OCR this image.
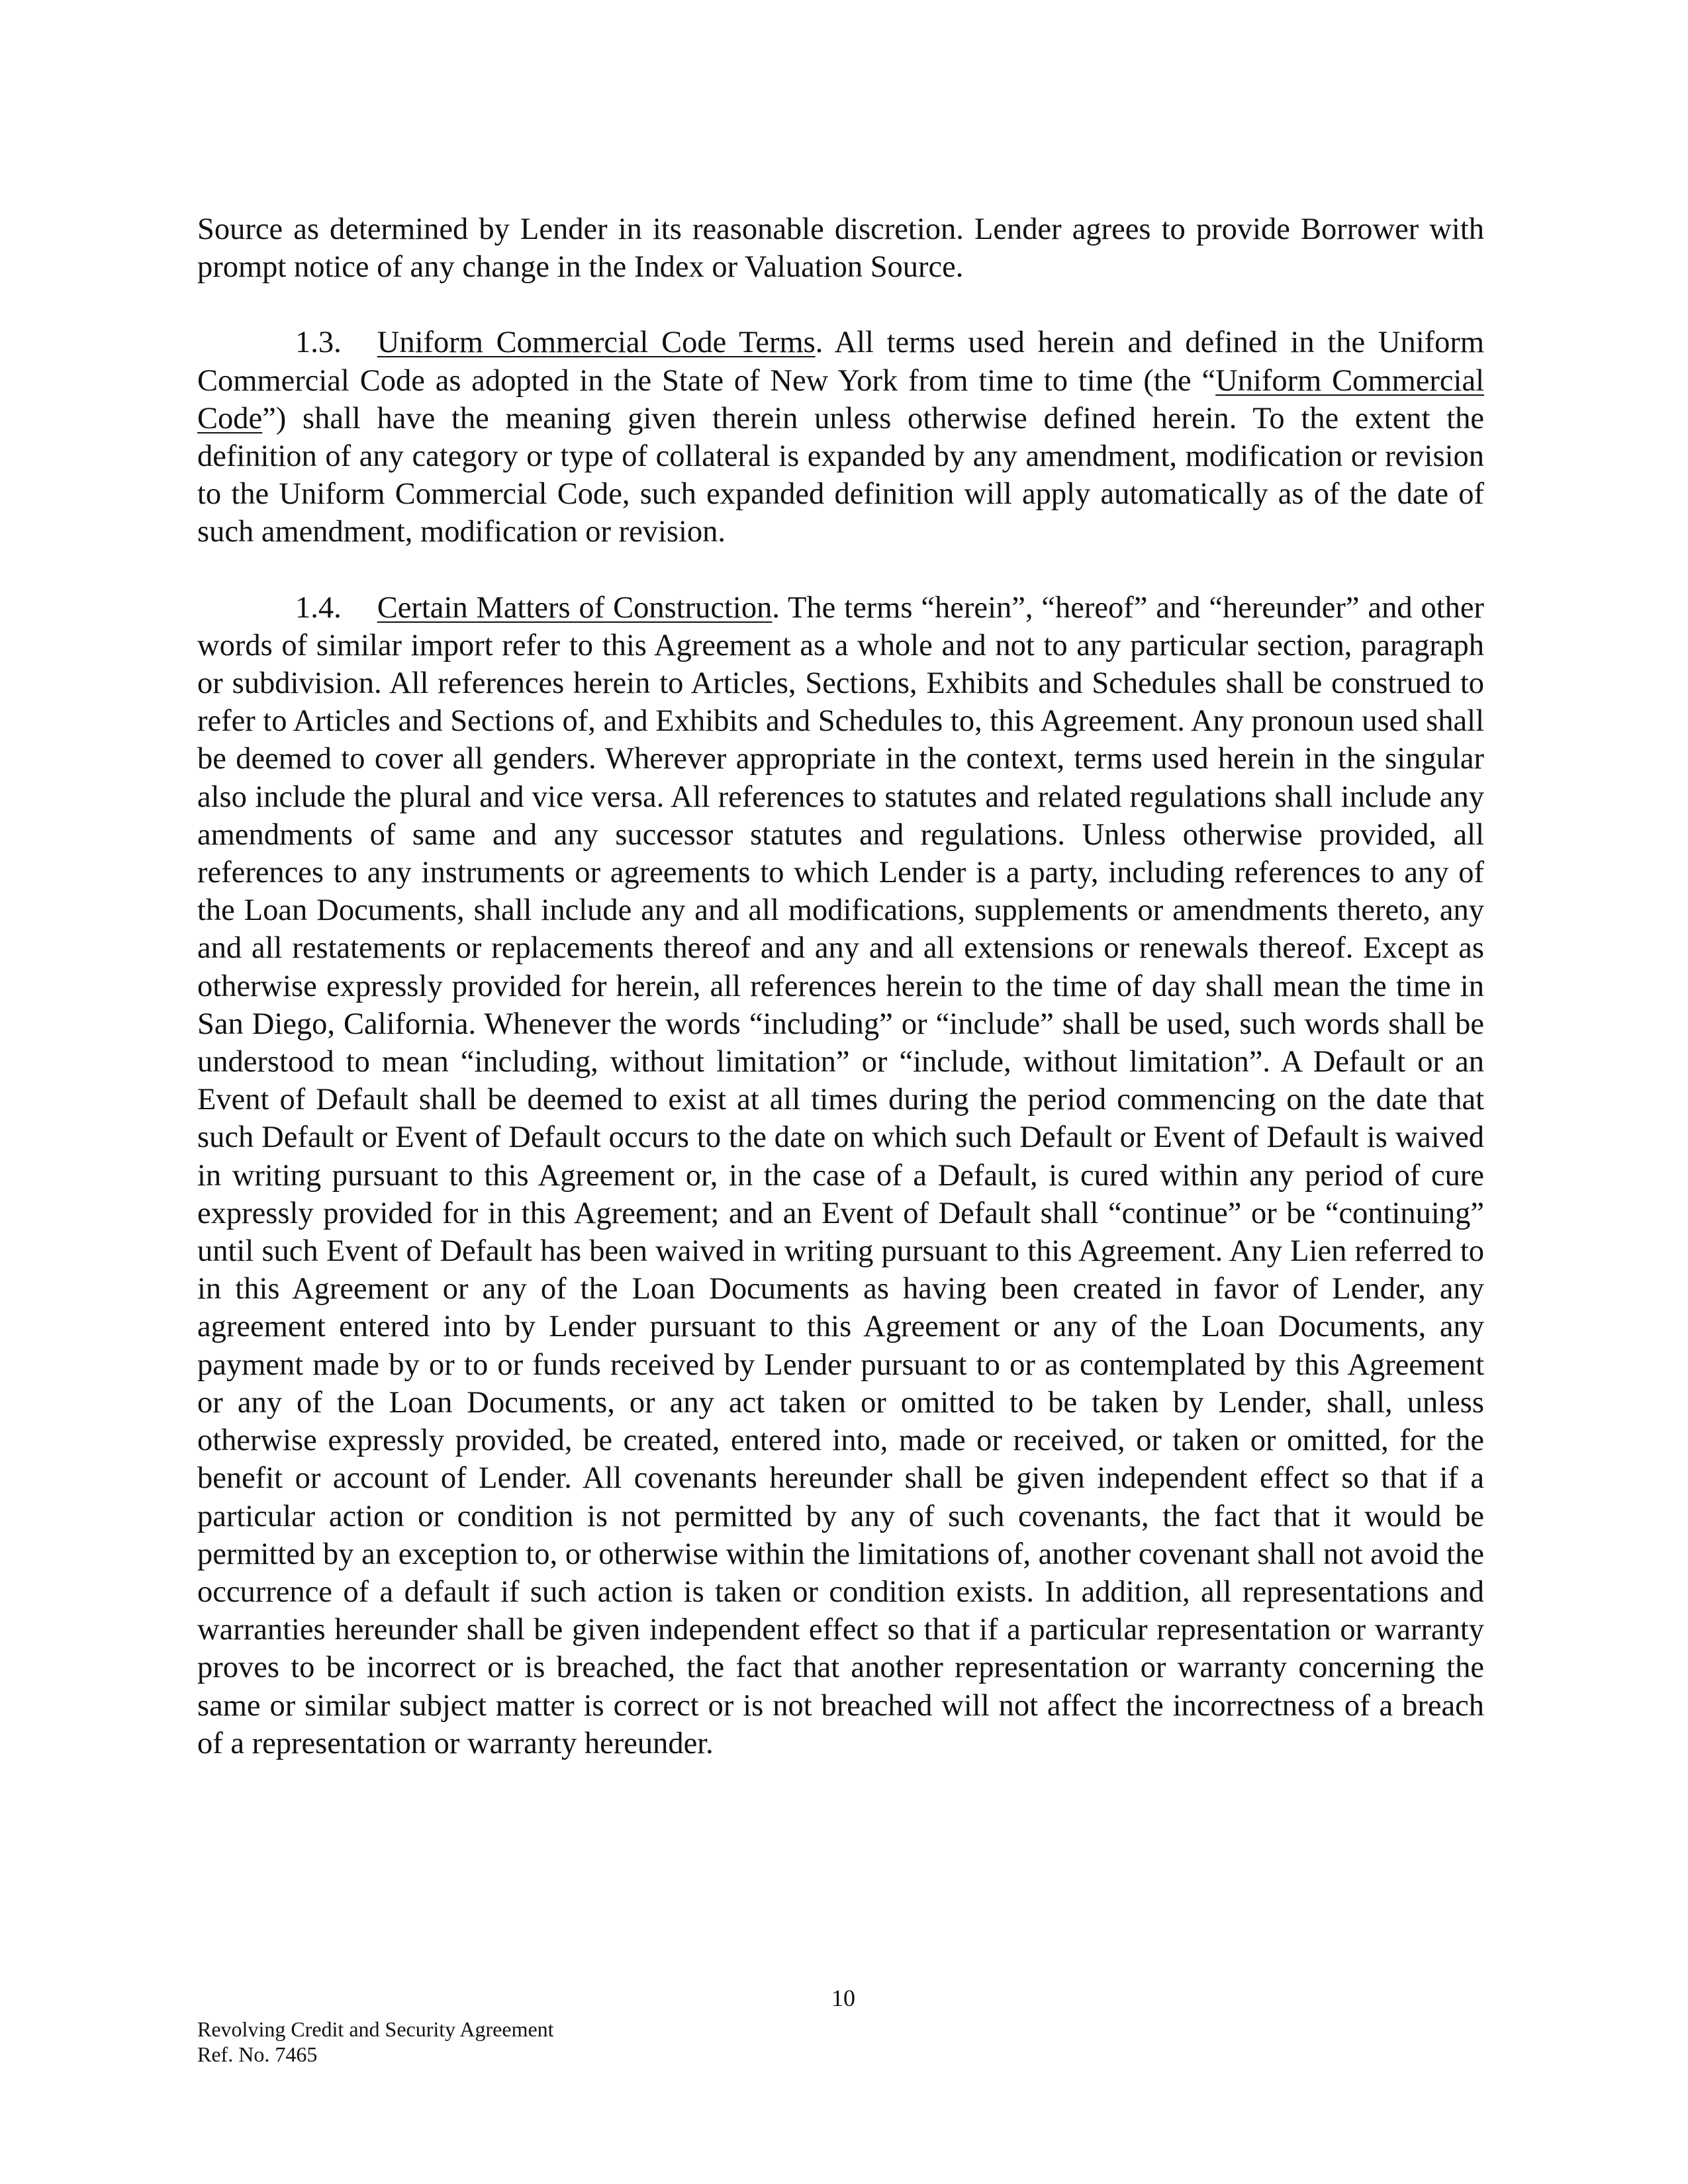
Source as determined by Lender in its reasonable discretion. Lender agrees to provide Borrower with prompt notice of any change in the Index or Valuation Source.

1.3. Uniform Commercial Code Terms. All terms used herein and defined in the Uniform Commercial Code as adopted in the State of New York from time to time (the “Uniform Commercial Code”) shall have the meaning given therein unless otherwise defined herein. To the extent the definition of any category or type of collateral is expanded by any amendment, modification or revision to the Uniform Commercial Code, such expanded definition will apply automatically as of the date of such amendment, modification or revision.

1.4. Certain Matters of Construction. The terms “herein”, “hereof” and “hereunder” and other words of similar import refer to this Agreement as a whole and not to any particular section, paragraph or subdivision. All references herein to Articles, Sections, Exhibits and Schedules shall be construed to refer to Articles and Sections of, and Exhibits and Schedules to, this Agreement. Any pronoun used shall be deemed to cover all genders. Wherever appropriate in the context, terms used herein in the singular also include the plural and vice versa. All references to statutes and related regulations shall include any amendments of same and any successor statutes and regulations. Unless otherwise provided, all references to any instruments or agreements to which Lender is a party, including references to any of the Loan Documents, shall include any and all modifications, supplements or amendments thereto, any and all restatements or replacements thereof and any and all extensions or renewals thereof. Except as otherwise expressly provided for herein, all references herein to the time of day shall mean the time in San Diego, California. Whenever the words “including” or “include” shall be used, such words shall be understood to mean “including, without limitation” or “include, without limitation”. A Default or an Event of Default shall be deemed to exist at all times during the period commencing on the date that such Default or Event of Default occurs to the date on which such Default or Event of Default is waived in writing pursuant to this Agreement or, in the case of a Default, is cured within any period of cure expressly provided for in this Agreement; and an Event of Default shall “continue” or be “continuing” until such Event of Default has been waived in writing pursuant to this Agreement. Any Lien referred to in this Agreement or any of the Loan Documents as having been created in favor of Lender, any agreement entered into by Lender pursuant to this Agreement or any of the Loan Documents, any payment made by or to or funds received by Lender pursuant to or as contemplated by this Agreement or any of the Loan Documents, or any act taken or omitted to be taken by Lender, shall, unless otherwise expressly provided, be created, entered into, made or received, or taken or omitted, for the benefit or account of Lender. All covenants hereunder shall be given independent effect so that if a particular action or condition is not permitted by any of such covenants, the fact that it would be permitted by an exception to, or otherwise within the limitations of, another covenant shall not avoid the occurrence of a default if such action is taken or condition exists. In addition, all representations and warranties hereunder shall be given independent effect so that if a particular representation or warranty proves to be incorrect or is breached, the fact that another representation or warranty concerning the same or similar subject matter is correct or is not breached will not affect the incorrectness of a breach of a representation or warranty hereunder.

10
Revolving Credit and Security Agreement
Ref. No. 7465
